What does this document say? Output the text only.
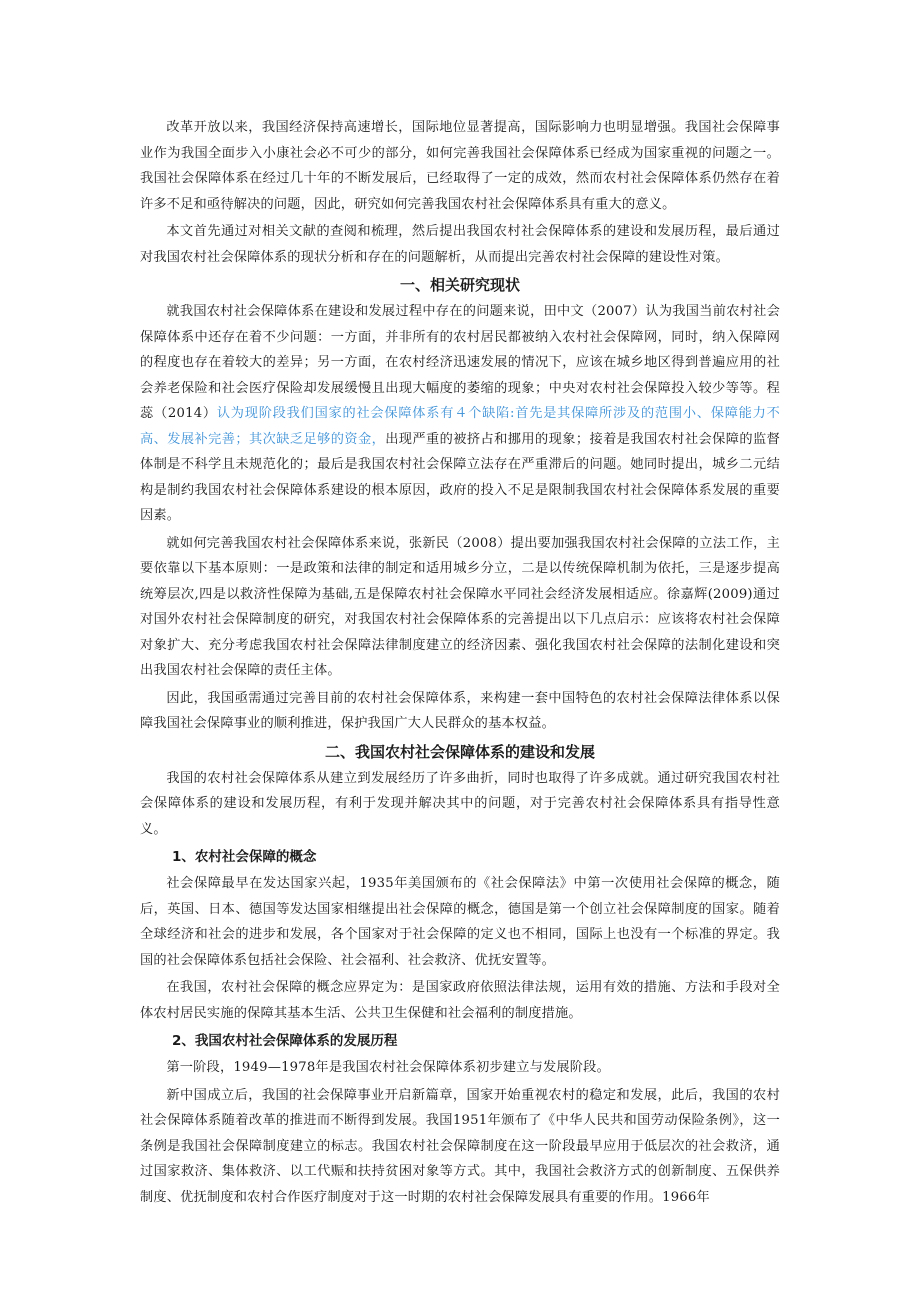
改革开放以来，我国经济保持高速增长，国际地位显著提高，国际影响力也明显增强。我国社会保障事业作为我国全面步入小康社会必不可少的部分，如何完善我国社会保障体系已经成为国家重视的问题之一。我国社会保障体系在经过几十年的不断发展后，已经取得了一定的成效，然而农村社会保障体系仍然存在着许多不足和亟待解决的问题，因此，研究如何完善我国农村社会保障体系具有重大的意义。

本文首先通过对相关文献的查阅和梳理，然后提出我国农村社会保障体系的建设和发展历程，最后通过对我国农村社会保障体系的现状分析和存在的问题解析，从而提出完善农村社会保障的建设性对策。

一、相关研究现状

就我国农村社会保障体系在建设和发展过程中存在的问题来说，田中文（2007）认为我国当前农村社会保障体系中还存在着不少问题：一方面，并非所有的农村居民都被纳入农村社会保障网，同时，纳入保障网的程度也存在着较大的差异；另一方面，在农村经济迅速发展的情况下，应该在城乡地区得到普遍应用的社会养老保险和社会医疗保险却发展缓慢且出现大幅度的萎缩的现象；中央对农村社会保障投入较少等等。程蕊（2014）认为现阶段我们国家的社会保障体系有４个缺陷:首先是其保障所涉及的范围小、保障能力不高、发展补完善；其次缺乏足够的资金，出现严重的被挤占和挪用的现象；接着是我国农村社会保障的监督体制是不科学且未规范化的；最后是我国农村社会保障立法存在严重滞后的问题。她同时提出，城乡二元结构是制约我国农村社会保障体系建设的根本原因，政府的投入不足是限制我国农村社会保障体系发展的重要因素。

就如何完善我国农村社会保障体系来说，张新民（2008）提出要加强我国农村社会保障的立法工作，主要依靠以下基本原则：一是政策和法律的制定和适用城乡分立，二是以传统保障机制为依托，三是逐步提高统筹层次,四是以救济性保障为基础,五是保障农村社会保障水平同社会经济发展相适应。徐嘉辉(2009)通过对国外农村社会保障制度的研究，对我国农村社会保障体系的完善提出以下几点启示：应该将农村社会保障对象扩大、充分考虑我国农村社会保障法律制度建立的经济因素、强化我国农村社会保障的法制化建设和突出我国农村社会保障的责任主体。

因此，我国亟需通过完善目前的农村社会保障体系，来构建一套中国特色的农村社会保障法律体系以保障我国社会保障事业的顺利推进，保护我国广大人民群众的基本权益。

二、我国农村社会保障体系的建设和发展

我国的农村社会保障体系从建立到发展经历了许多曲折，同时也取得了许多成就。通过研究我国农村社会保障体系的建设和发展历程，有利于发现并解决其中的问题，对于完善农村社会保障体系具有指导性意义。

1、农村社会保障的概念

社会保障最早在发达国家兴起，1935年美国颁布的《社会保障法》中第一次使用社会保障的概念，随后，英国、日本、德国等发达国家相继提出社会保障的概念，德国是第一个创立社会保障制度的国家。随着全球经济和社会的进步和发展，各个国家对于社会保障的定义也不相同，国际上也没有一个标准的界定。我国的社会保障体系包括社会保险、社会福利、社会救济、优抚安置等。

在我国，农村社会保障的概念应界定为：是国家政府依照法律法规，运用有效的措施、方法和手段对全体农村居民实施的保障其基本生活、公共卫生保健和社会福利的制度措施。

2、我国农村社会保障体系的发展历程

第一阶段，1949—1978年是我国农村社会保障体系初步建立与发展阶段。

新中国成立后，我国的社会保障事业开启新篇章，国家开始重视农村的稳定和发展，此后，我国的农村社会保障体系随着改革的推进而不断得到发展。我国1951年颁布了《中华人民共和国劳动保险条例》，这一条例是我国社会保障制度建立的标志。我国农村社会保障制度在这一阶段最早应用于低层次的社会救济，通过国家救济、集体救济、以工代赈和扶持贫困对象等方式。其中，我国社会救济方式的创新制度、五保供养制度、优抚制度和农村合作医疗制度对于这一时期的农村社会保障发展具有重要的作用。1966年
